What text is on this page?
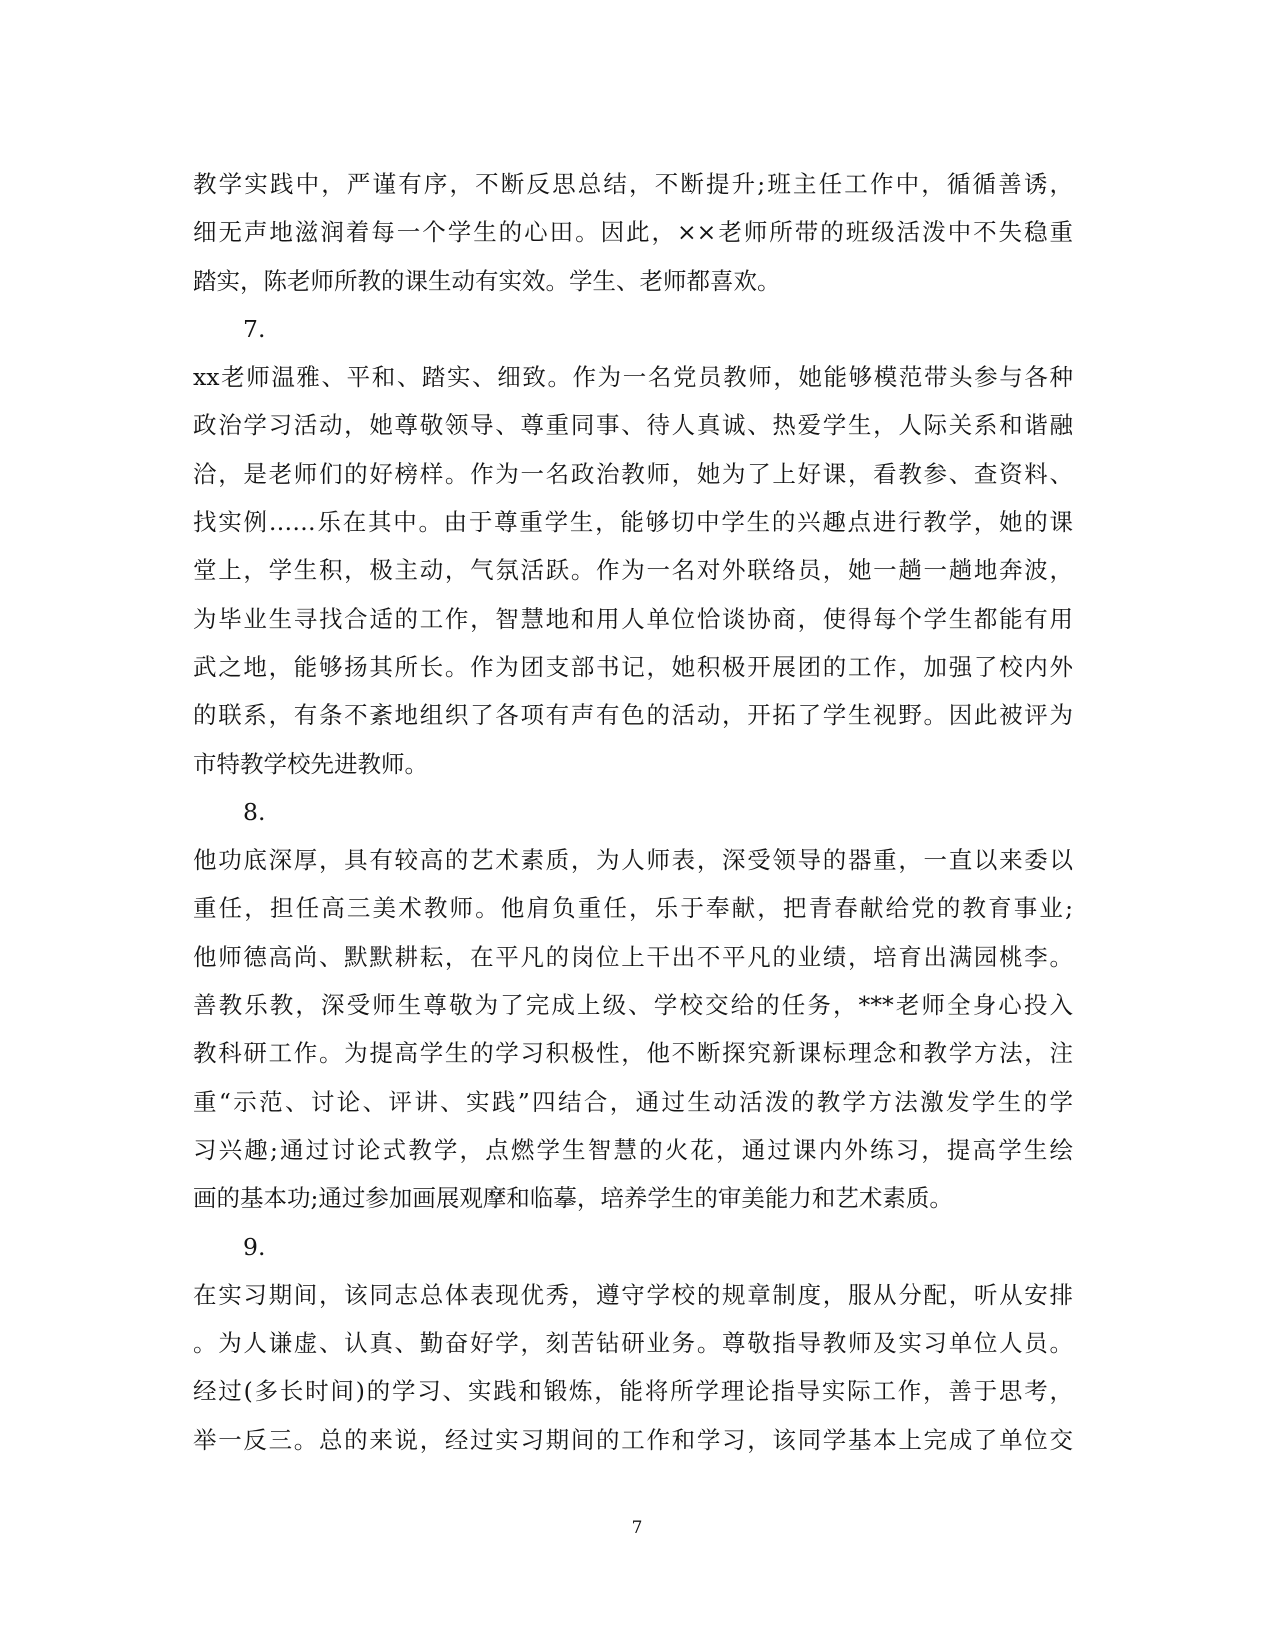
教学实践中，严谨有序，不断反思总结，不断提升;班主任工作中，循循善诱，
细无声地滋润着每一个学生的心田。因此，××老师所带的班级活泼中不失稳重
踏实，陈老师所教的课生动有实效。学生、老师都喜欢。
7.
xx老师温雅、平和、踏实、细致。作为一名党员教师，她能够模范带头参与各种
政治学习活动，她尊敬领导、尊重同事、待人真诚、热爱学生，人际关系和谐融
洽，是老师们的好榜样。作为一名政治教师，她为了上好课，看教参、查资料、
找实例……乐在其中。由于尊重学生，能够切中学生的兴趣点进行教学，她的课
堂上，学生积，极主动，气氛活跃。作为一名对外联络员，她一趟一趟地奔波，
为毕业生寻找合适的工作，智慧地和用人单位恰谈协商，使得每个学生都能有用
武之地，能够扬其所长。作为团支部书记，她积极开展团的工作，加强了校内外
的联系，有条不紊地组织了各项有声有色的活动，开拓了学生视野。因此被评为
市特教学校先进教师。
8.
他功底深厚，具有较高的艺术素质，为人师表，深受领导的器重，一直以来委以
重任，担任高三美术教师。他肩负重任，乐于奉献，把青春献给党的教育事业;
他师德高尚、默默耕耘，在平凡的岗位上干出不平凡的业绩，培育出满园桃李。
善教乐教，深受师生尊敬为了完成上级、学校交给的任务，***老师全身心投入
教科研工作。为提高学生的学习积极性，他不断探究新课标理念和教学方法，注
重“示范、讨论、评讲、实践”四结合，通过生动活泼的教学方法激发学生的学
习兴趣;通过讨论式教学，点燃学生智慧的火花，通过课内外练习，提高学生绘
画的基本功;通过参加画展观摩和临摹，培养学生的审美能力和艺术素质。
9.
在实习期间，该同志总体表现优秀，遵守学校的规章制度，服从分配，听从安排
。为人谦虚、认真、勤奋好学，刻苦钻研业务。尊敬指导教师及实习单位人员。
经过(多长时间)的学习、实践和锻炼，能将所学理论指导实际工作，善于思考，
举一反三。总的来说，经过实习期间的工作和学习，该同学基本上完成了单位交
7
